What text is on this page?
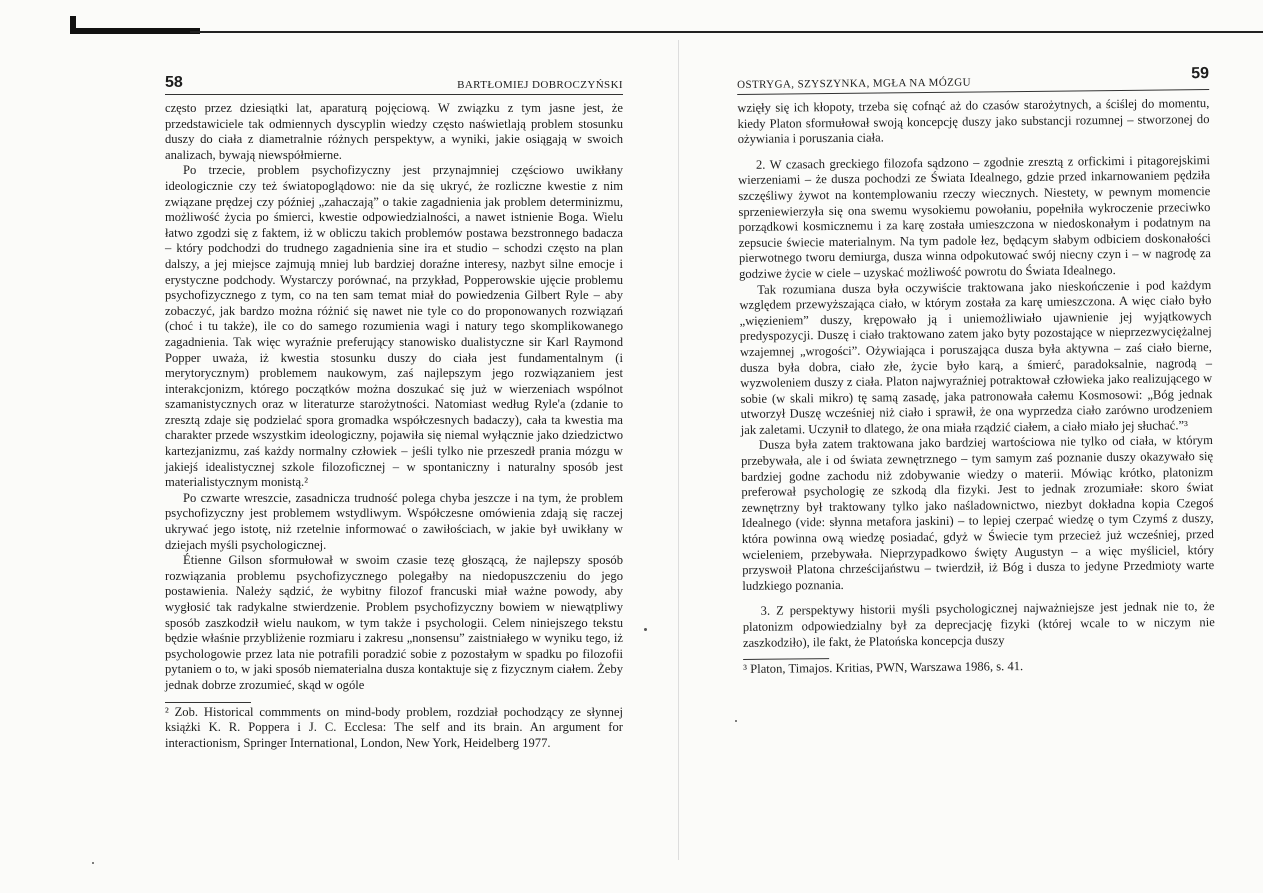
58	BARTŁOMIEJ DOBROCZYŃSKI

często przez dziesiątki lat, aparaturą pojęciową. W związku z tym jasne jest, że przedstawiciele tak odmiennych dyscyplin wiedzy często naświetlają problem stosunku duszy do ciała z diametralnie różnych perspektyw, a wyniki, jakie osiągają w swoich analizach, bywają niewspółmierne.

Po trzecie, problem psychofizyczny jest przynajmniej częściowo uwikłany ideologicznie czy też światopoglądowo: nie da się ukryć, że rozliczne kwestie z nim związane prędzej czy później „zahaczają” o takie zagadnienia jak problem determinizmu, możliwość życia po śmierci, kwestie odpowiedzialności, a nawet istnienie Boga. Wielu łatwo zgodzi się z faktem, iż w obliczu takich problemów postawa bezstronnego badacza – który podchodzi do trudnego zagadnienia sine ira et studio – schodzi często na plan dalszy, a jej miejsce zajmują mniej lub bardziej doraźne interesy, nazbyt silne emocje i erystyczne podchody. Wystarczy porównać, na przykład, Popperowskie ujęcie problemu psychofizycznego z tym, co na ten sam temat miał do powiedzenia Gilbert Ryle – aby zobaczyć, jak bardzo można różnić się nawet nie tyle co do proponowanych rozwiązań (choć i tu także), ile co do samego rozumienia wagi i natury tego skomplikowanego zagadnienia. Tak więc wyraźnie preferujący stanowisko dualistyczne sir Karl Raymond Popper uważa, iż kwestia stosunku duszy do ciała jest fundamentalnym (i merytorycznym) problemem naukowym, zaś najlepszym jego rozwiązaniem jest interakcjonizm, którego początków można doszukać się już w wierzeniach wspólnot szamanistycznych oraz w literaturze starożytności. Natomiast według Ryle'a (zdanie to zresztą zdaje się podzielać spora gromadka współczesnych badaczy), cała ta kwestia ma charakter przede wszystkim ideologiczny, pojawiła się niemal wyłącznie jako dziedzictwo kartezjanizmu, zaś każdy normalny człowiek – jeśli tylko nie przeszedł prania mózgu w jakiejś idealistycznej szkole filozoficznej – w spontaniczny i naturalny sposób jest materialistycznym monistą.²

Po czwarte wreszcie, zasadnicza trudność polega chyba jeszcze i na tym, że problem psychofizyczny jest problemem wstydliwym. Współczesne omówienia zdają się raczej ukrywać jego istotę, niż rzetelnie informować o zawiłościach, w jakie był uwikłany w dziejach myśli psychologicznej.

Étienne Gilson sformułował w swoim czasie tezę głoszącą, że najlepszy sposób rozwiązania problemu psychofizycznego polegałby na niedopuszczeniu do jego postawienia. Należy sądzić, że wybitny filozof francuski miał ważne powody, aby wygłosić tak radykalne stwierdzenie. Problem psychofizyczny bowiem w niewątpliwy sposób zaszkodził wielu naukom, w tym także i psychologii. Celem niniejszego tekstu będzie właśnie przybliżenie rozmiaru i zakresu „nonsensu” zaistniałego w wyniku tego, iż psychologowie przez lata nie potrafili poradzić sobie z pozostałym w spadku po filozofii pytaniem o to, w jaki sposób niematerialna dusza kontaktuje się z fizycznym ciałem. Żeby jednak dobrze zrozumieć, skąd w ogóle

² Zob. Historical commments on mind-body problem, rozdział pochodzący ze słynnej książki K. R. Poppera i J. C. Ecclesa: The self and its brain. An argument for interactionism, Springer International, London, New York, Heidelberg 1977.

OSTRYGA, SZYSZYNKA, MGŁA NA MÓZGU
59

wzięły się ich kłopoty, trzeba się cofnąć aż do czasów starożytnych, a ściślej do momentu, kiedy Platon sformułował swoją koncepcję duszy jako substancji rozumnej – stworzonej do ożywiania i poruszania ciała.

2. W czasach greckiego filozofa sądzono – zgodnie zresztą z orfickimi i pitagorejskimi wierzeniami – że dusza pochodzi ze Świata Idealnego, gdzie przed inkarnowaniem pędziła szczęśliwy żywot na kontemplowaniu rzeczy wiecznych. Niestety, w pewnym momencie sprzeniewierzyła się ona swemu wysokiemu powołaniu, popełniła wykroczenie przeciwko porządkowi kosmicznemu i za karę została umieszczona w niedoskonałym i podatnym na zepsucie świecie materialnym. Na tym padole łez, będącym słabym odbiciem doskonałości pierwotnego tworu demiurga, dusza winna odpokutować swój niecny czyn i – w nagrodę za godziwe życie w ciele – uzyskać możliwość powrotu do Świata Idealnego.

Tak rozumiana dusza była oczywiście traktowana jako nieskończenie i pod każdym względem przewyższająca ciało, w którym została za karę umieszczona. A więc ciało było „więzieniem” duszy, krępowało ją i uniemożliwiało ujawnienie jej wyjątkowych predyspozycji. Duszę i ciało traktowano zatem jako byty pozostające w nieprzezwyciężalnej wzajemnej „wrogości”. Ożywiająca i poruszająca dusza była aktywna – zaś ciało bierne, dusza była dobra, ciało złe, życie było karą, a śmierć, paradoksalnie, nagrodą – wyzwoleniem duszy z ciała. Platon najwyraźniej potraktował człowieka jako realizującego w sobie (w skali mikro) tę samą zasadę, jaka patronowała całemu Kosmosowi: „Bóg jednak utworzył Duszę wcześniej niż ciało i sprawił, że ona wyprzedza ciało zarówno urodzeniem jak zaletami. Uczynił to dlatego, że ona miała rządzić ciałem, a ciało miało jej słuchać.”³

Dusza była zatem traktowana jako bardziej wartościowa nie tylko od ciała, w którym przebywała, ale i od świata zewnętrznego – tym samym zaś poznanie duszy okazywało się bardziej godne zachodu niż zdobywanie wiedzy o materii. Mówiąc krótko, platonizm preferował psychologię ze szkodą dla fizyki. Jest to jednak zrozumiałe: skoro świat zewnętrzny był traktowany tylko jako naśladownictwo, niezbyt dokładna kopia Czegoś Idealnego (vide: słynna metafora jaskini) – to lepiej czerpać wiedzę o tym Czymś z duszy, która powinna ową wiedzę posiadać, gdyż w Świecie tym przecież już wcześniej, przed wcieleniem, przebywała. Nieprzypadkowo święty Augustyn – a więc myśliciel, który przyswoił Platona chrześcijaństwu – twierdził, iż Bóg i dusza to jedyne Przedmioty warte ludzkiego poznania.

3. Z perspektywy historii myśli psychologicznej najważniejsze jest jednak nie to, że platonizm odpowiedzialny był za deprecjację fizyki (której wcale to w niczym nie zaszkodziło), ile fakt, że Platońska koncepcja duszy

³ Platon, Timajos. Kritias, PWN, Warszawa 1986, s. 41.
